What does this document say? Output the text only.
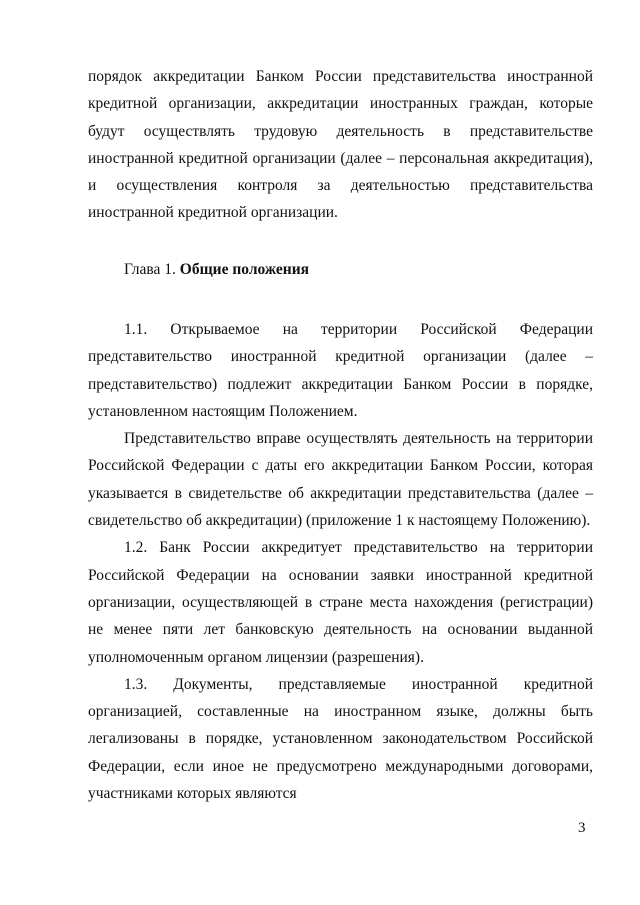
порядок аккредитации Банком России представительства иностранной кредитной организации, аккредитации иностранных граждан, которые будут осуществлять трудовую деятельность в представительстве иностранной кредитной организации (далее – персональная аккредитация), и осуществления контроля за деятельностью представительства иностранной кредитной организации.

Глава 1. Общие положения

1.1. Открываемое на территории Российской Федерации представительство иностранной кредитной организации (далее – представительство) подлежит аккредитации Банком России в порядке, установленном настоящим Положением.

Представительство вправе осуществлять деятельность на территории Российской Федерации с даты его аккредитации Банком России, которая указывается в свидетельстве об аккредитации представительства (далее – свидетельство об аккредитации) (приложение 1 к настоящему Положению).

1.2. Банк России аккредитует представительство на территории Российской Федерации на основании заявки иностранной кредитной организации, осуществляющей в стране места нахождения (регистрации) не менее пяти лет банковскую деятельность на основании выданной уполномоченным органом лицензии (разрешения).

1.3. Документы, представляемые иностранной кредитной организацией, составленные на иностранном языке, должны быть легализованы в порядке, установленном законодательством Российской Федерации, если иное не предусмотрено международными договорами, участниками которых являются

3
